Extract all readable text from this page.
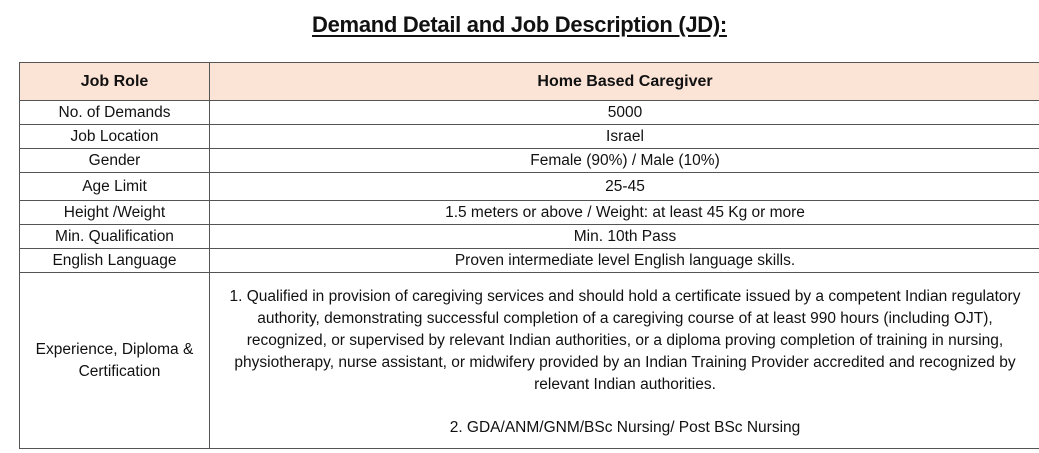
Demand Detail and Job Description (JD):
Job Role	Home Based Caregiver
No. of Demands	5000
Job Location	Israel
Gender	Female (90%) / Male (10%)
Age Limit	25-45
Height /Weight	1.5 meters or above / Weight: at least 45 Kg or more
Min. Qualification	Min. 10th Pass
English Language	Proven intermediate level English language skills.

Experience, Diploma &
Certification	1. Qualified in provision of caregiving services and should hold a certificate issued by a competent Indian regulatory authority, demonstrating successful completion of a caregiving course of at least 990 hours (including OJT), recognized, or supervised by relevant Indian authorities, or a diploma proving completion of training in nursing, physiotherapy, nurse assistant, or midwifery provided by an Indian Training Provider accredited and recognized by relevant Indian authorities.
2. GDA/ANM/GNM/BSc Nursing/ Post BSc Nursing
